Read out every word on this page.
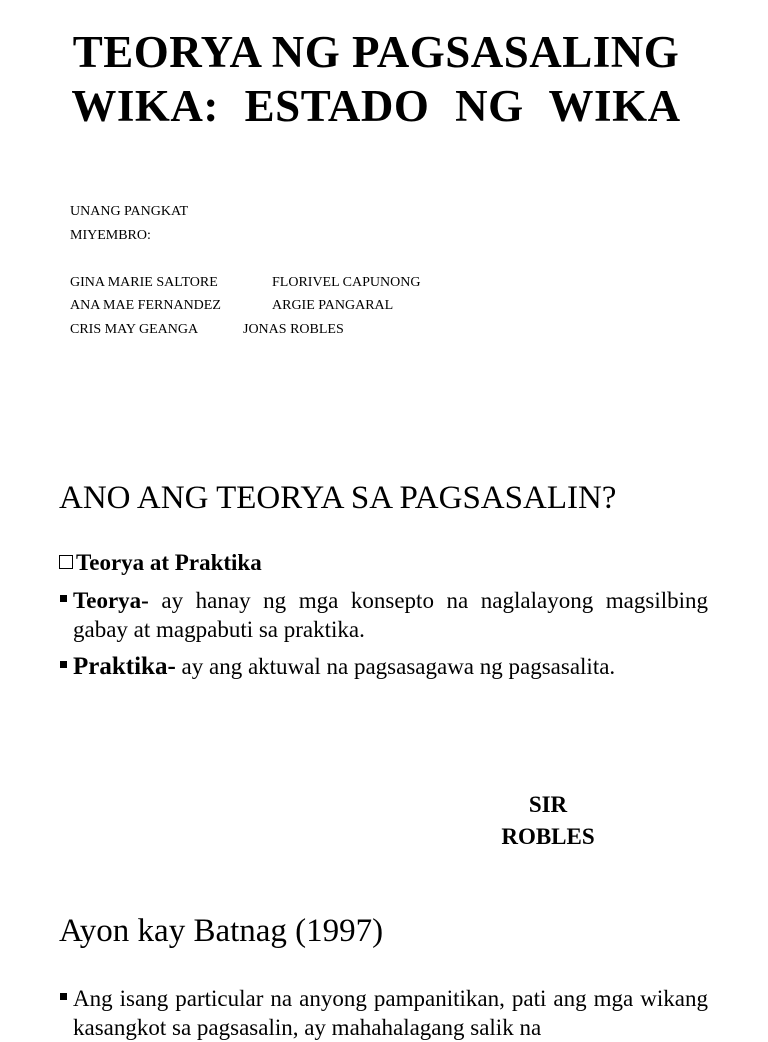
TEORYA NG PAGSASALING
WIKA: ESTADO NG WIKA
UNANG PANGKAT
MIYEMBRO:
GINA MARIE SALTORE
ANA MAE FERNANDEZ
CRIS MAY GEANGA
FLORIVEL CAPUNONG
ARGIE PANGARAL
JONAS ROBLES
ANO ANG TEORYA SA PAGSASALIN?
Teorya at Praktika
Teorya- ay hanay ng mga konsepto na naglalayong magsilbing gabay at magpabuti sa praktika.
Praktika- ay ang aktuwal na pagsasagawa ng pagsasalita.
SIR
ROBLES
Ayon kay Batnag (1997)
Ang isang particular na anyong pampanitikan, pati ang mga wikang kasangkot sa pagsasalin, ay mahahalagang salik na
